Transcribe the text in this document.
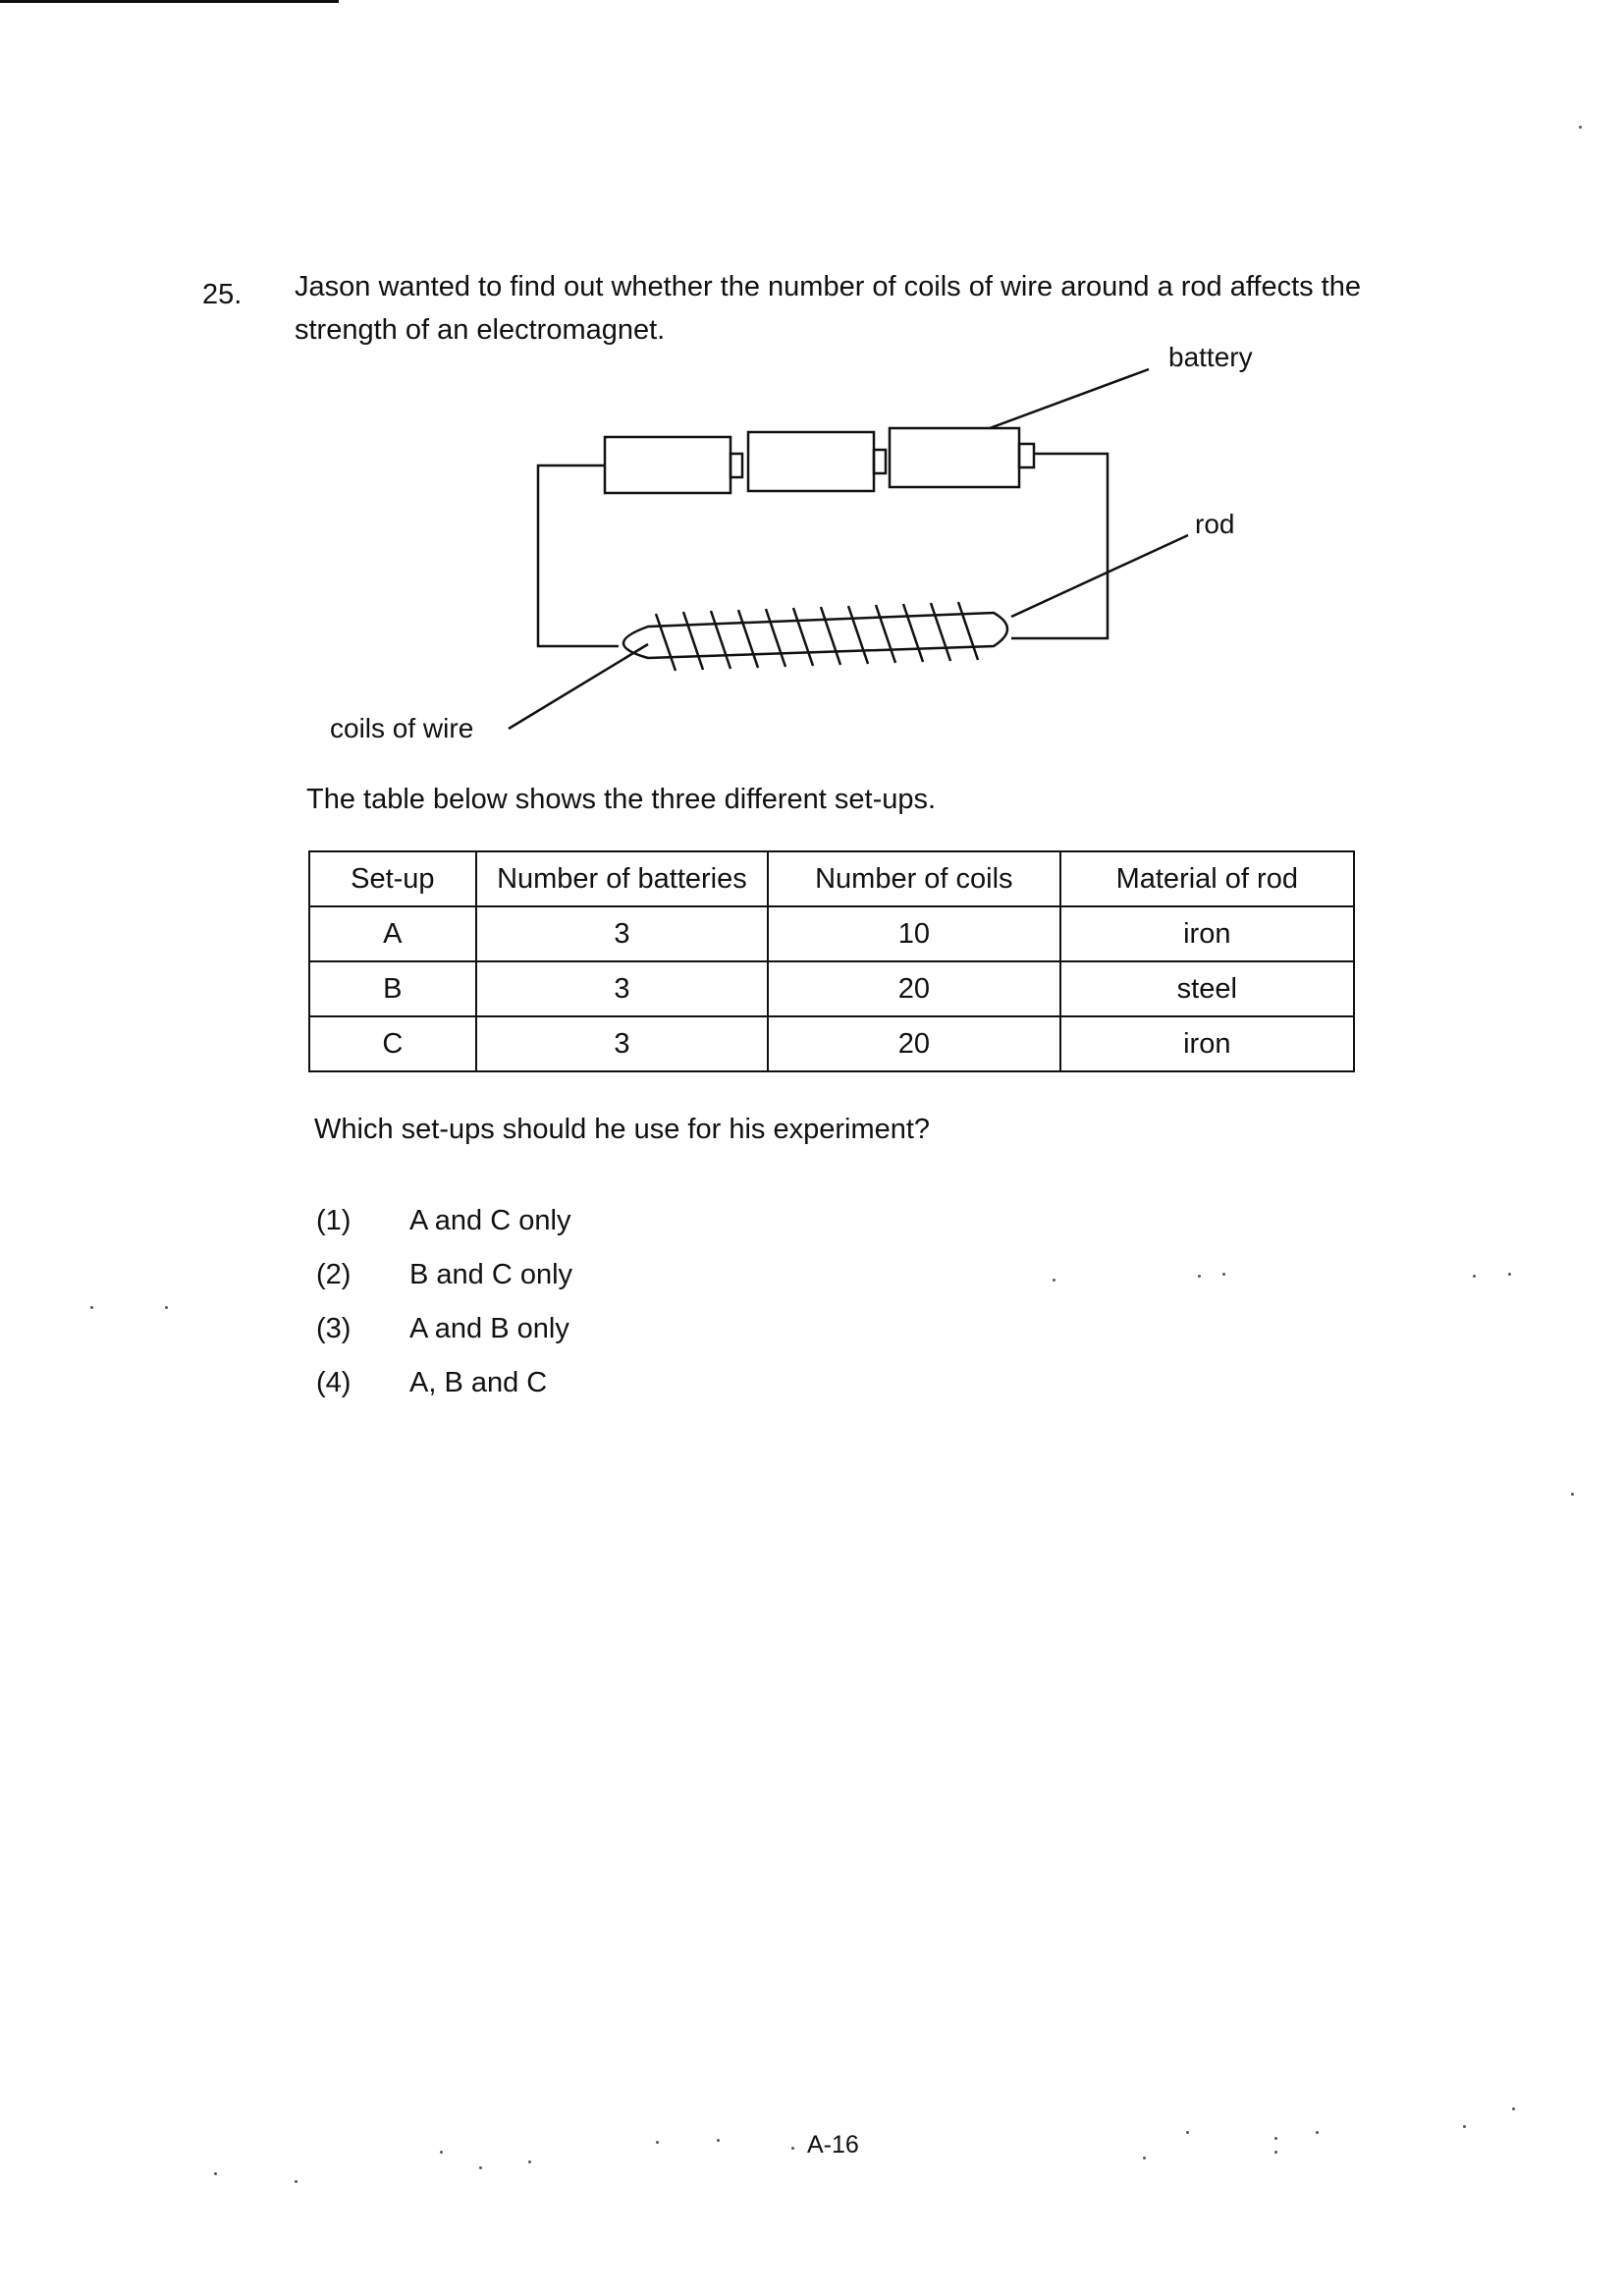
25. Jason wanted to find out whether the number of coils of wire around a rod affects the strength of an electromagnet.
battery
rod
coils of wire
The table below shows the three different set-ups.
Set-up	Number of batteries	Number of coils	Material of rod
A	3	10	iron
B	3	20	steel
C	3	20	iron
Which set-ups should he use for his experiment?
(1)	A and C only
(2)	B and C only
(3)	A and B only
(4)	A, B and C
A-16
